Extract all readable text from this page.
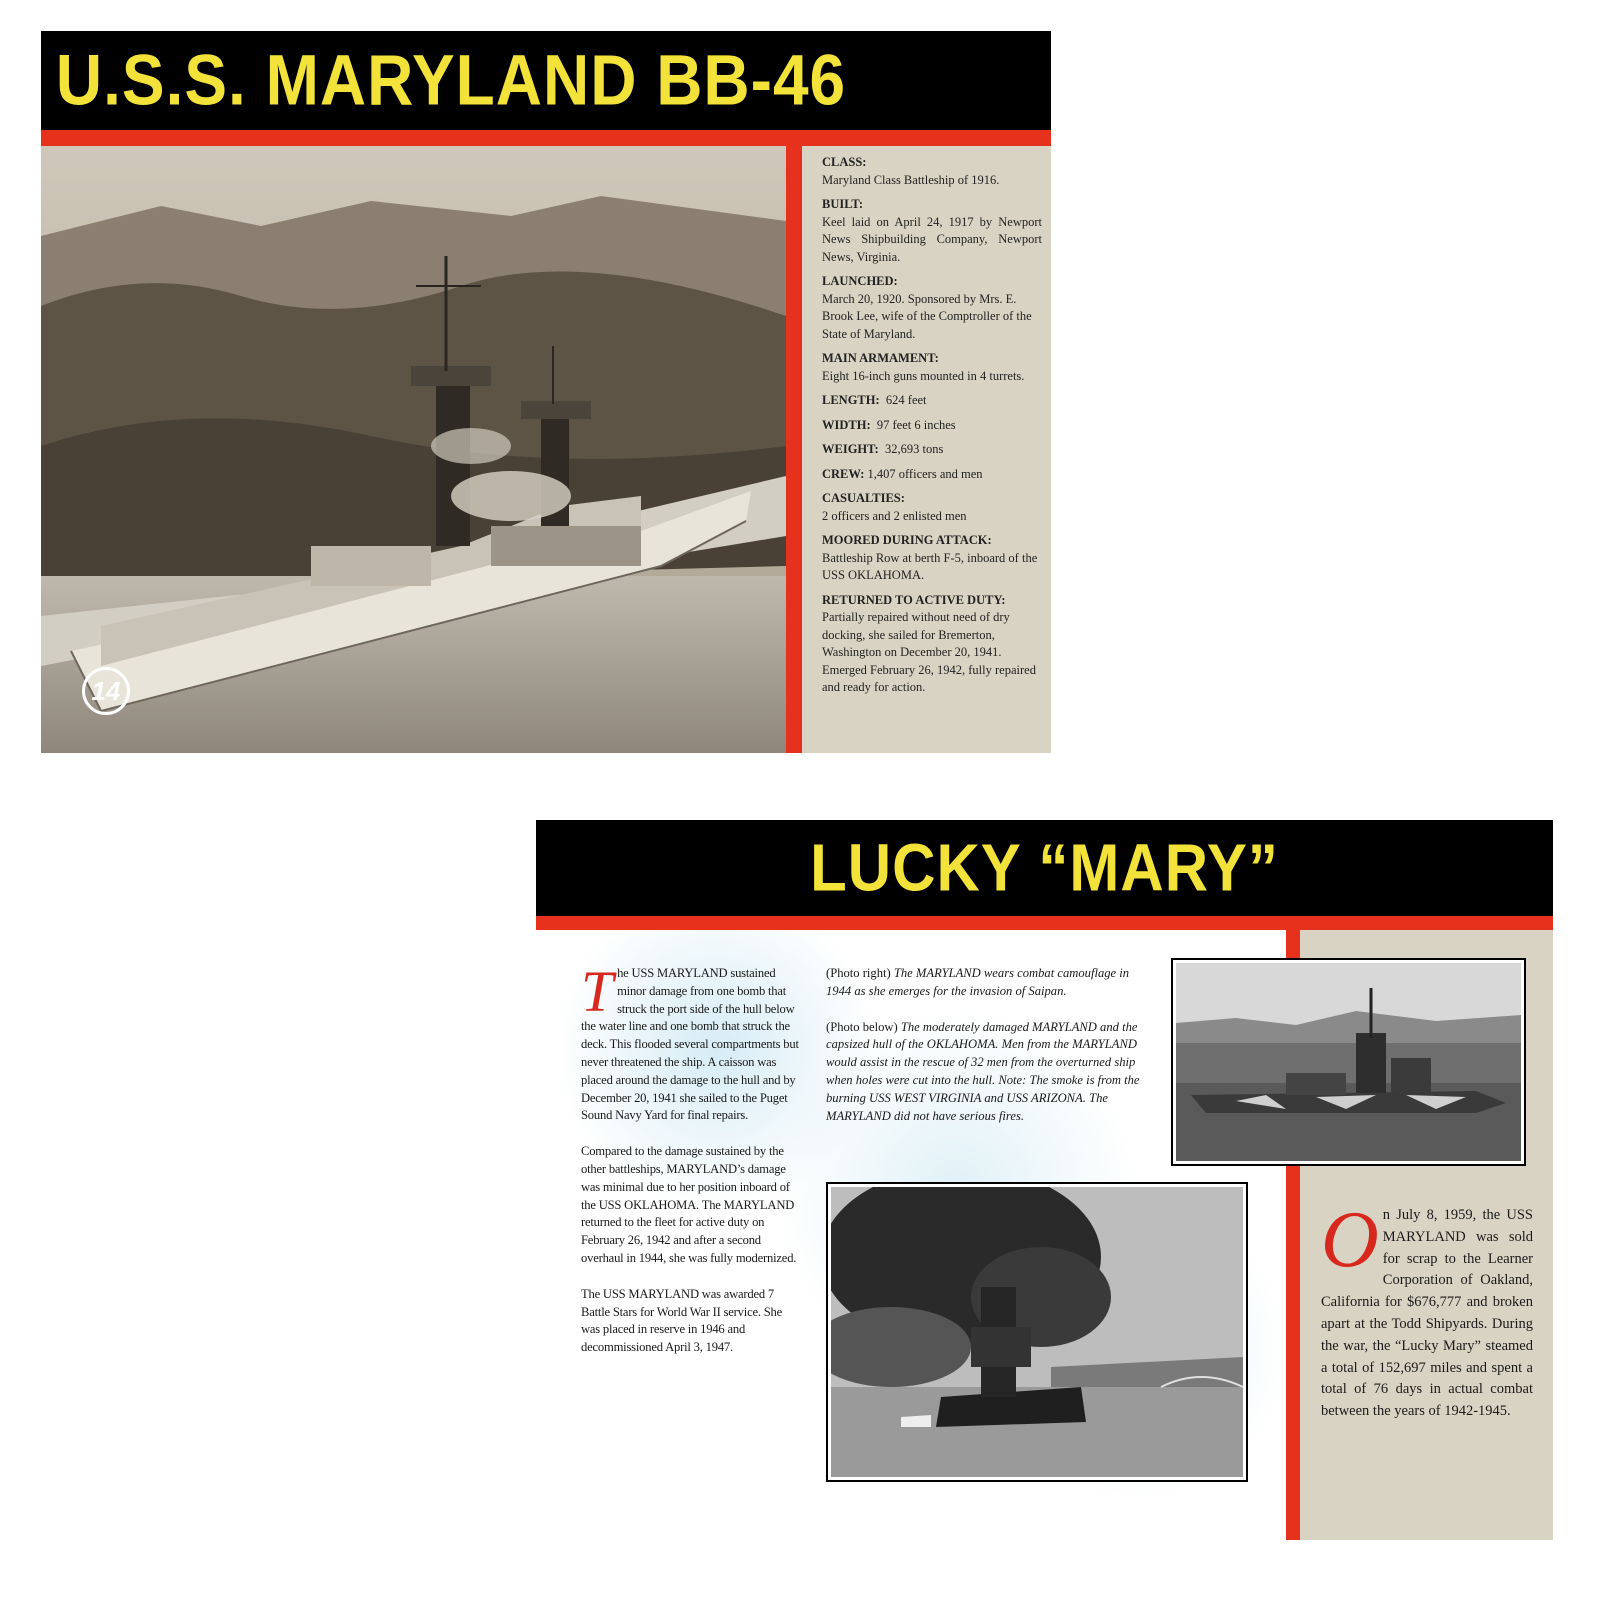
U.S.S. MARYLAND BB-46
14
CLASS:
Maryland Class Battleship of 1916.
BUILT:
Keel laid on April 24, 1917 by Newport News Shipbuilding Company, Newport News, Virginia.
LAUNCHED:
March 20, 1920. Sponsored by Mrs. E. Brook Lee, wife of the Comptroller of the State of Maryland.
MAIN ARMAMENT:
Eight 16-inch guns mounted in 4 turrets.
LENGTH: 624 feet
WIDTH: 97 feet 6 inches
WEIGHT: 32,693 tons
CREW: 1,407 officers and men
CASUALTIES:
2 officers and 2 enlisted men
MOORED DURING ATTACK:
Battleship Row at berth F-5, inboard of the USS OKLAHOMA.
RETURNED TO ACTIVE DUTY:
Partially repaired without need of dry docking, she sailed for Bremerton, Washington on December 20, 1941. Emerged February 26, 1942, fully repaired and ready for action.
LUCKY “MARY”

The USS MARYLAND sustained minor damage from one bomb that struck the port side of the hull below the water line and one bomb that struck the deck. This flooded several compartments but never threatened the ship. A caisson was placed around the damage to the hull and by December 20, 1941 she sailed to the Puget Sound Navy Yard for final repairs.

Compared to the damage sustained by the other battleships, MARYLAND’s damage was minimal due to her position inboard of the USS OKLAHOMA. The MARYLAND returned to the fleet for active duty on February 26, 1942 and after a second overhaul in 1944, she was fully modernized.

The USS MARYLAND was awarded 7 Battle Stars for World War II service. She was placed in reserve in 1946 and decommissioned April 3, 1947.

(Photo right) The MARYLAND wears combat camouflage in 1944 as she emerges for the invasion of Saipan.

(Photo below) The moderately damaged MARYLAND and the capsized hull of the OKLAHOMA. Men from the MARYLAND would assist in the rescue of 32 men from the overturned ship when holes were cut into the hull. Note: The smoke is from the burning USS WEST VIRGINIA and USS ARIZONA. The MARYLAND did not have serious fires.

On July 8, 1959, the USS MARYLAND was sold for scrap to the Learner Corporation of Oakland, California for $676,777 and broken apart at the Todd Shipyards. During the war, the “Lucky Mary” steamed a total of 152,697 miles and spent a total of 76 days in actual combat between the years of 1942-1945.
